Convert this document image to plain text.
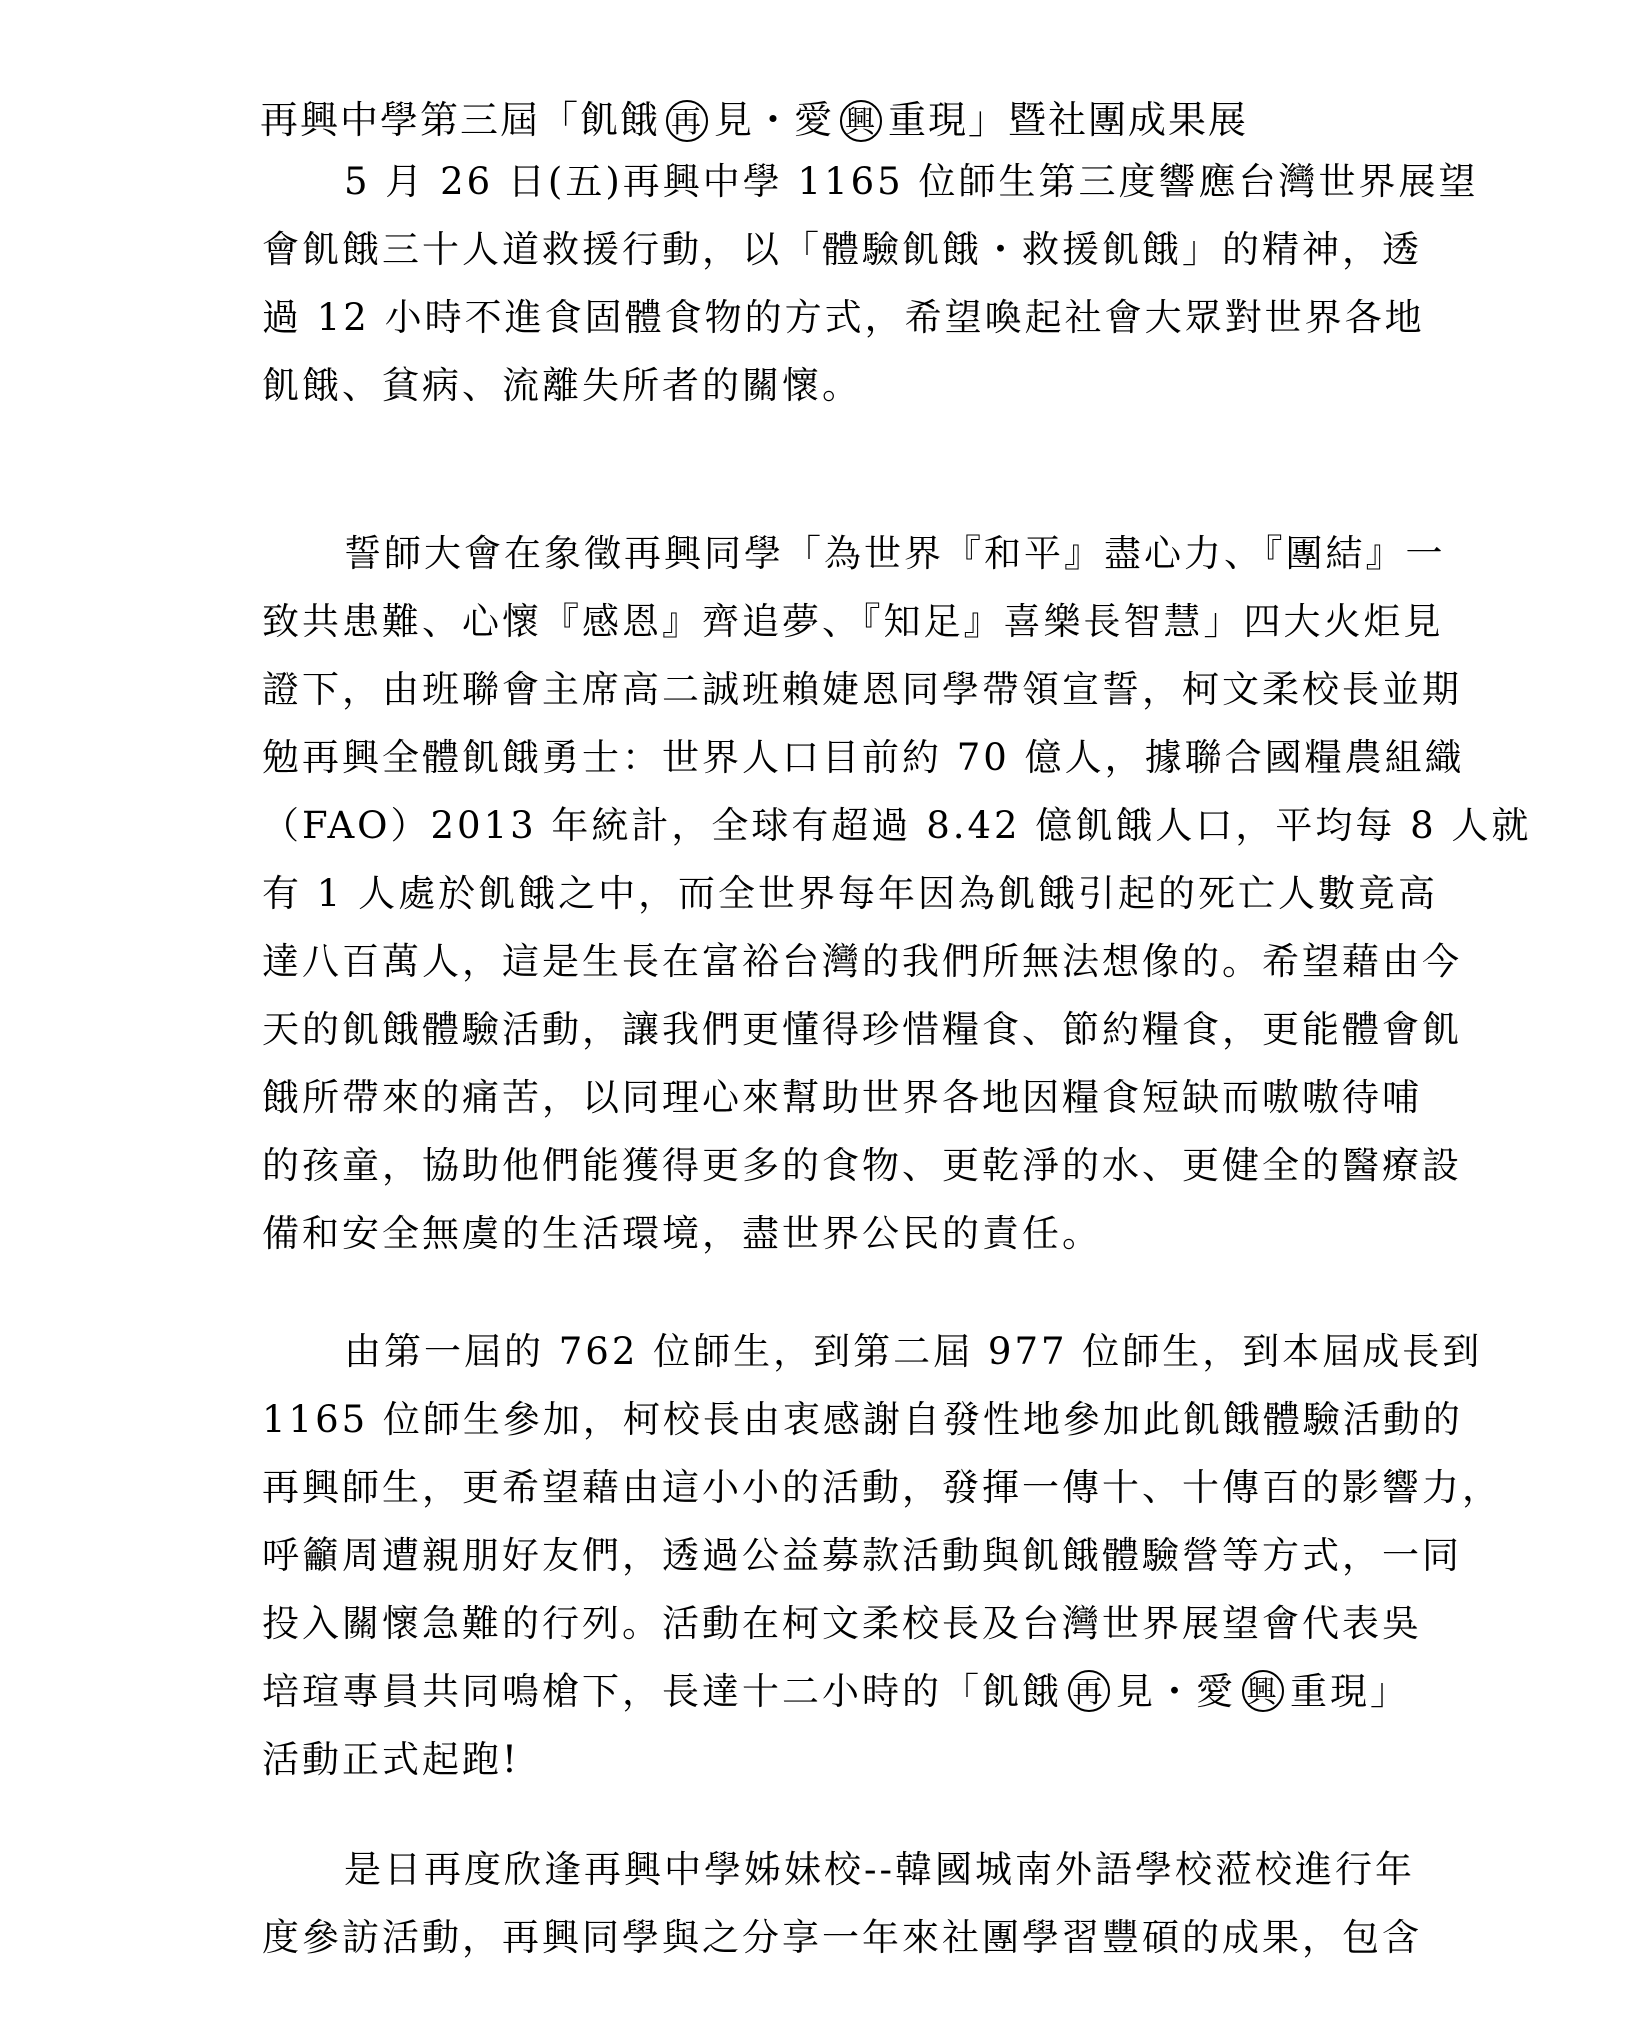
再興中學第三屆「飢餓 再 見・愛 興 重現」暨社團成果展
5 月 26 日(五)再興中學 1165 位師生第三度響應台灣世界展望
會飢餓三十人道救援行動，以「體驗飢餓・救援飢餓」的精神，透
過 12 小時不進食固體食物的方式，希望喚起社會大眾對世界各地
飢餓、貧病、流離失所者的關懷。
誓師大會在象徵再興同學「為世界『和平』盡心力、『團結』一
致共患難、心懷『感恩』齊追夢、『知足』喜樂長智慧」四大火炬見
證下，由班聯會主席高二誠班賴婕恩同學帶領宣誓，柯文柔校長並期
勉再興全體飢餓勇士：世界人口目前約 70 億人，據聯合國糧農組織
（FAO）2013 年統計，全球有超過 8.42 億飢餓人口，平均每 8 人就
有 1 人處於飢餓之中，而全世界每年因為飢餓引起的死亡人數竟高
達八百萬人，這是生長在富裕台灣的我們所無法想像的。希望藉由今
天的飢餓體驗活動，讓我們更懂得珍惜糧食、節約糧食，更能體會飢
餓所帶來的痛苦，以同理心來幫助世界各地因糧食短缺而嗷嗷待哺
的孩童，協助他們能獲得更多的食物、更乾淨的水、更健全的醫療設
備和安全無虞的生活環境，盡世界公民的責任。
由第一屆的 762 位師生，到第二屆 977 位師生，到本屆成長到
1165 位師生參加，柯校長由衷感謝自發性地參加此飢餓體驗活動的
再興師生，更希望藉由這小小的活動，發揮一傳十、十傳百的影響力，
呼籲周遭親朋好友們，透過公益募款活動與飢餓體驗營等方式，一同
投入關懷急難的行列。活動在柯文柔校長及台灣世界展望會代表吳
培瑄專員共同鳴槍下，長達十二小時的「飢餓 再 見・愛 興 重現」
活動正式起跑!
是日再度欣逢再興中學姊妹校--韓國城南外語學校蒞校進行年
度參訪活動，再興同學與之分享一年來社團學習豐碩的成果，包含
